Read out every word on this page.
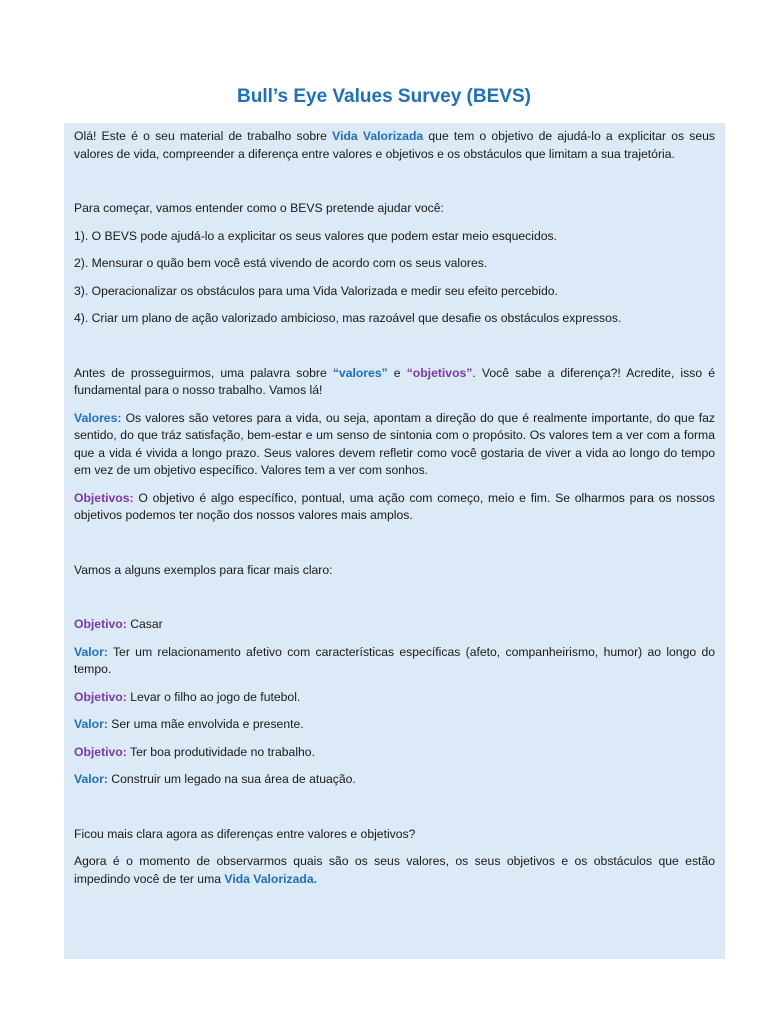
Bull’s Eye Values Survey (BEVS)

Olá! Este é o seu material de trabalho sobre Vida Valorizada que tem o objetivo de ajudá-lo a explicitar os seus valores de vida, compreender a diferença entre valores e objetivos e os obstáculos que limitam a sua trajetória.

Para começar, vamos entender como o BEVS pretende ajudar você:

1). O BEVS pode ajudá-lo a explicitar os seus valores que podem estar meio esquecidos.

2). Mensurar o quão bem você está vivendo de acordo com os seus valores.

3). Operacionalizar os obstáculos para uma Vida Valorizada e medir seu efeito percebido.

4). Criar um plano de ação valorizado ambicioso, mas razoável que desafie os obstáculos expressos.

Antes de prosseguirmos, uma palavra sobre “valores” e “objetivos”. Você sabe a diferença?! Acredite, isso é fundamental para o nosso trabalho. Vamos lá!

Valores: Os valores são vetores para a vida, ou seja, apontam a direção do que é realmente importante, do que faz sentido, do que tráz satisfação, bem-estar e um senso de sintonia com o propósito. Os valores tem a ver com a forma que a vida é vivida a longo prazo. Seus valores devem refletir como você gostaria de viver a vida ao longo do tempo em vez de um objetivo específico. Valores tem a ver com sonhos.

Objetivos: O objetivo é algo específico, pontual, uma ação com começo, meio e fim. Se olharmos para os nossos objetivos podemos ter noção dos nossos valores mais amplos.

Vamos a alguns exemplos para ficar mais claro:

Objetivo: Casar

Valor: Ter um relacionamento afetivo com características específicas (afeto, companheirismo, humor) ao longo do tempo.

Objetivo: Levar o filho ao jogo de futebol.

Valor: Ser uma mãe envolvida e presente.

Objetivo: Ter boa produtividade no trabalho.

Valor: Construir um legado na sua área de atuação.

Ficou mais clara agora as diferenças entre valores e objetivos?

Agora é o momento de observarmos quais são os seus valores, os seus objetivos e os obstáculos que estão impedindo você de ter uma Vida Valorizada.
